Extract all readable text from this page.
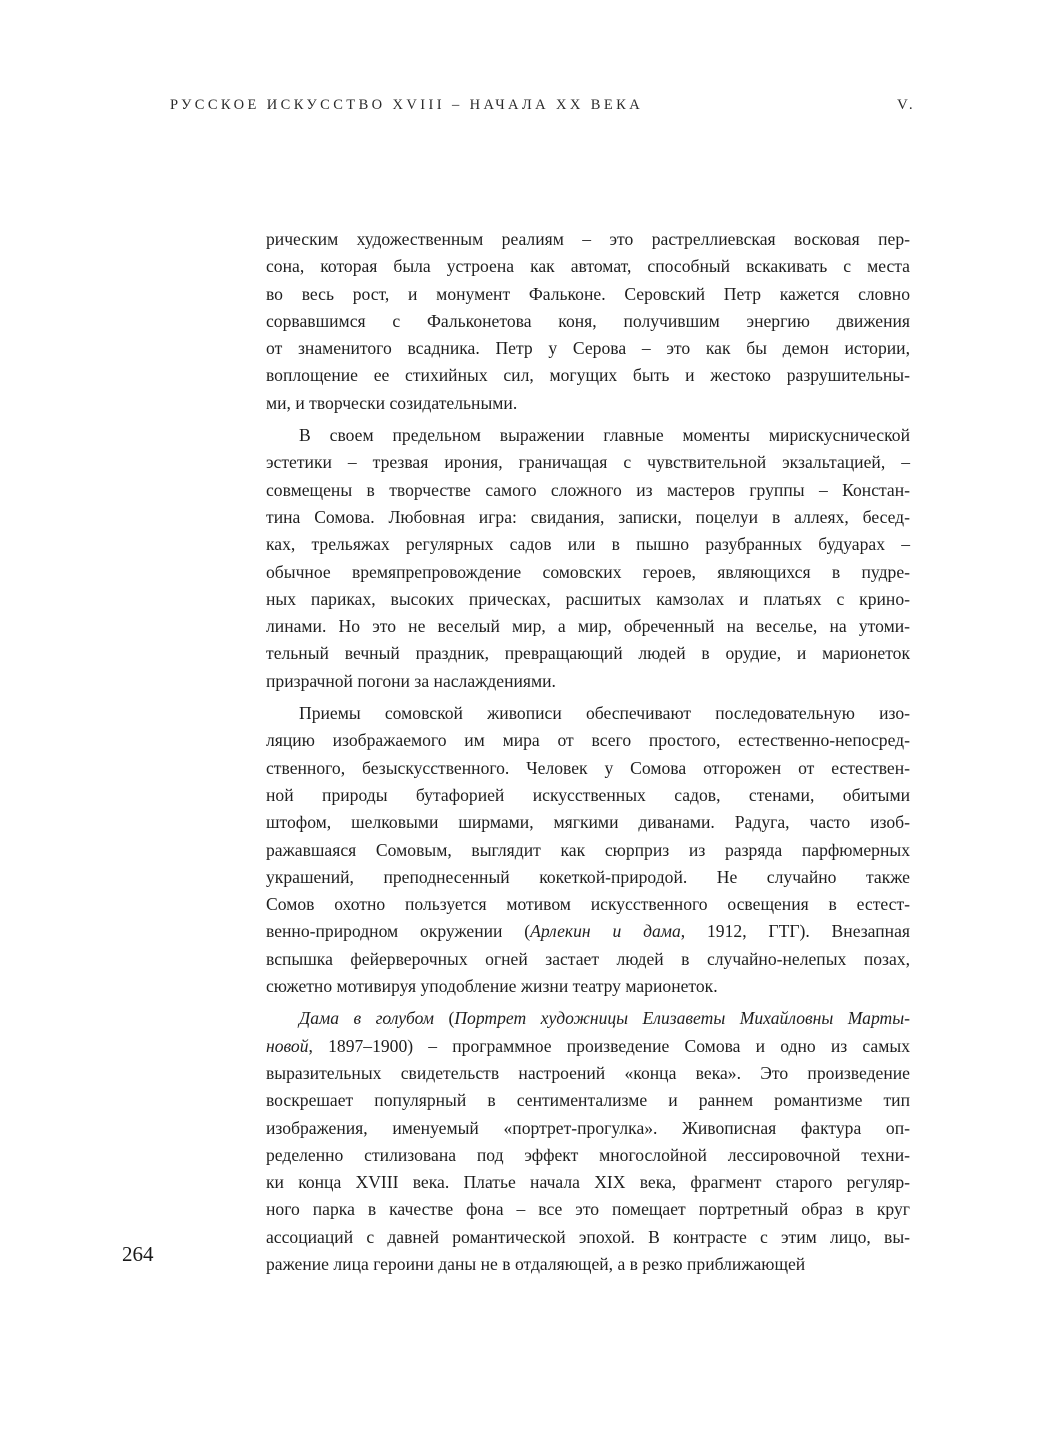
РУССКОЕ ИСКУССТВО XVIII – НАЧАЛА XX ВЕКА	V.
рическим художественным реалиям – это растреллиевская восковая пер-
сона, которая была устроена как автомат, способный вскакивать с места
во весь рост, и монумент Фальконе. Серовский Петр кажется словно
сорвавшимся с Фальконетова коня, получившим энергию движения
от знаменитого всадника. Петр у Серова – это как бы демон истории,
воплощение ее стихийных сил, могущих быть и жестоко разрушительны-
ми, и творчески созидательными.
В своем предельном выражении главные моменты мирискуснической
эстетики – трезвая ирония, граничащая с чувствительной экзальтацией, –
совмещены в творчестве самого сложного из мастеров группы – Констан-
тина Сомова. Любовная игра: свидания, записки, поцелуи в аллеях, бесед-
ках, трельяжах регулярных садов или в пышно разубранных будуарах –
обычное времяпрепровождение сомовских героев, являющихся в пудре-
ных париках, высоких прическах, расшитых камзолах и платьях с крино-
линами. Но это не веселый мир, а мир, обреченный на веселье, на утоми-
тельный вечный праздник, превращающий людей в орудие, и марионеток
призрачной погони за наслаждениями.
Приемы сомовской живописи обеспечивают последовательную изо-
ляцию изображаемого им мира от всего простого, естественно-непосред-
ственного, безыскусственного. Человек у Сомова отгорожен от естествен-
ной природы бутафорией искусственных садов, стенами, обитыми
штофом, шелковыми ширмами, мягкими диванами. Радуга, часто изоб-
ражавшаяся Сомовым, выглядит как сюрприз из разряда парфюмерных
украшений, преподнесенный кокеткой-природой. Не случайно также
Сомов охотно пользуется мотивом искусственного освещения в естест-
венно-природном окружении (Арлекин и дама, 1912, ГТГ). Внезапная
вспышка фейерверочных огней застает людей в случайно-нелепых позах,
сюжетно мотивируя уподобление жизни театру марионеток.
Дама в голубом (Портрет художницы Елизаветы Михайловны Марты-
новой, 1897–1900) – программное произведение Сомова и одно из самых
выразительных свидетельств настроений «конца века». Это произведение
воскрешает популярный в сентиментализме и раннем романтизме тип
изображения, именуемый «портрет-прогулка». Живописная фактура оп-
ределенно стилизована под эффект многослойной лессировочной техни-
ки конца XVIII века. Платье начала XIX века, фрагмент старого регуляр-
ного парка в качестве фона – все это помещает портретный образ в круг
ассоциаций с давней романтической эпохой. В контрасте с этим лицо, вы-
ражение лица героини даны не в отдаляющей, а в резко приближающей
264
